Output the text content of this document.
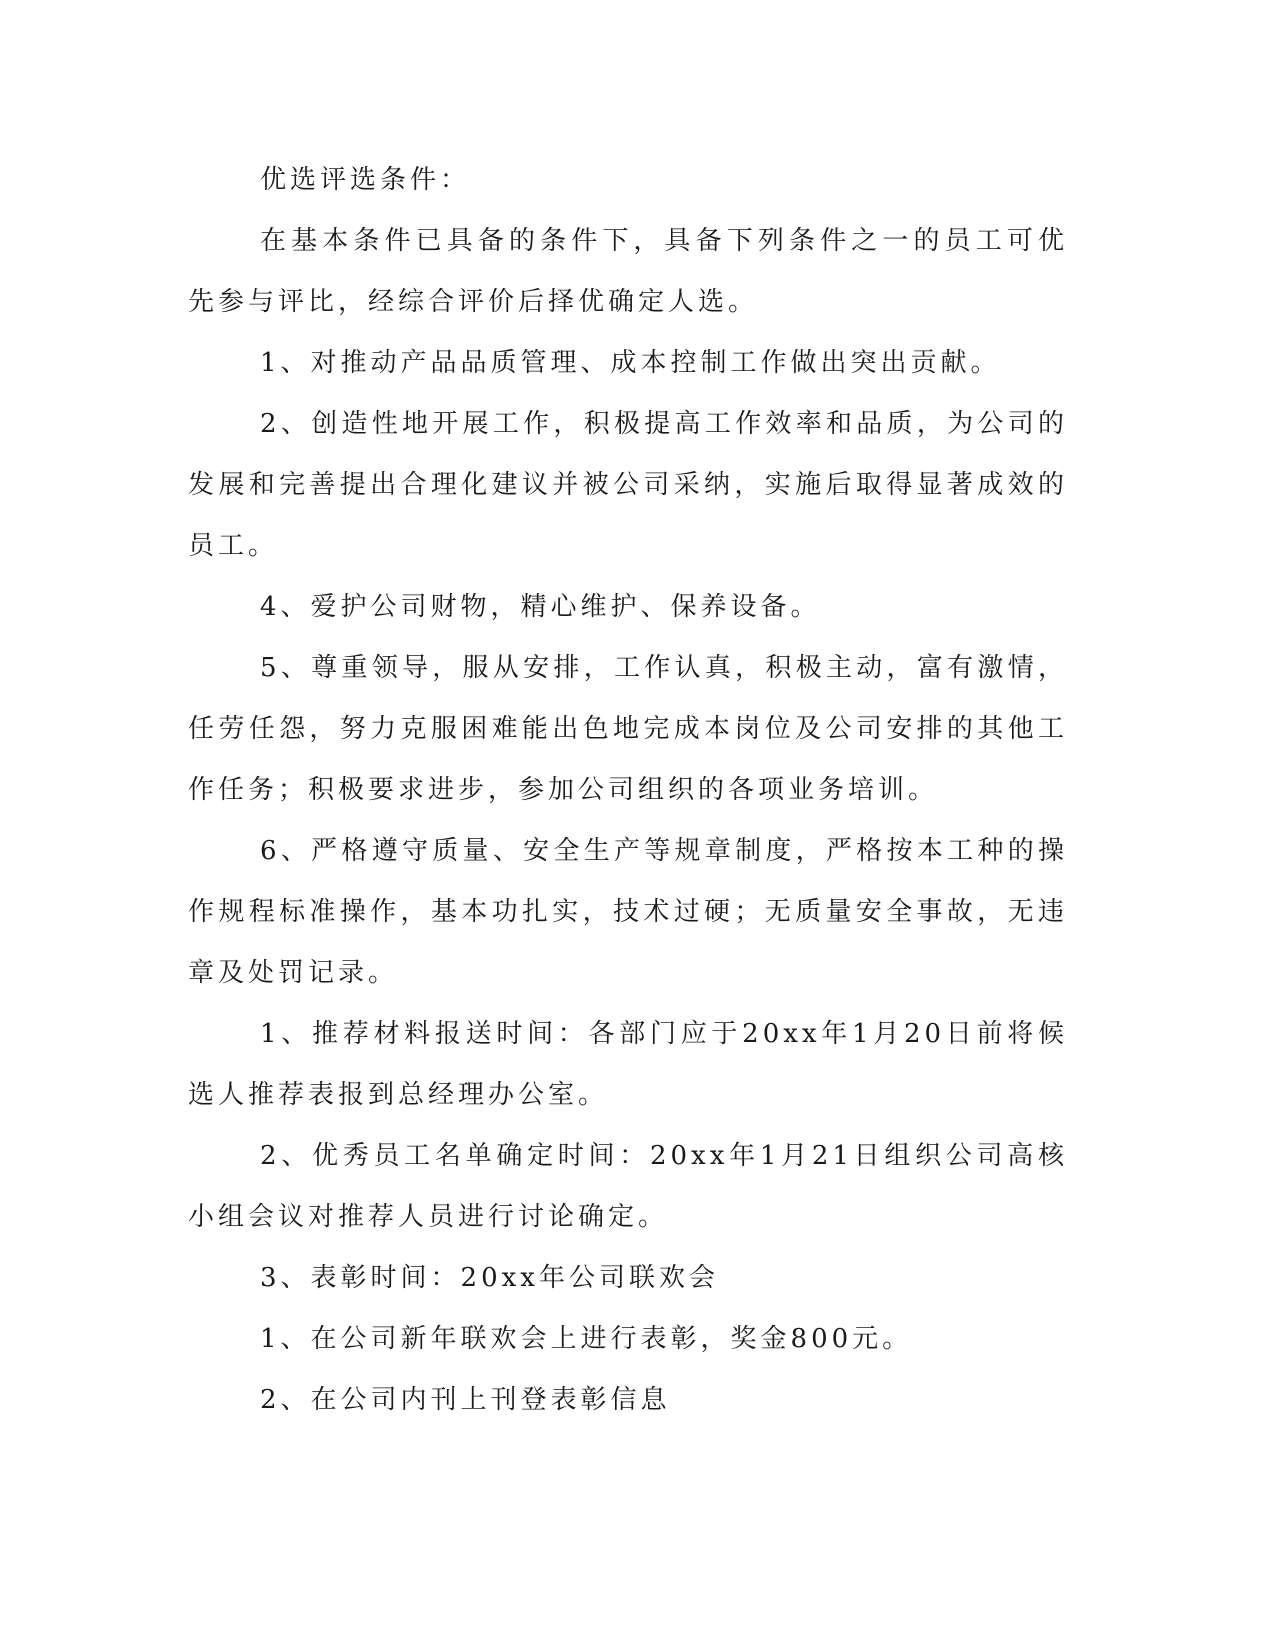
优选评选条件：

在基本条件已具备的条件下，具备下列条件之一的员工可优先参与评比，经综合评价后择优确定人选。

1、对推动产品品质管理、成本控制工作做出突出贡献。

2、创造性地开展工作，积极提高工作效率和品质，为公司的发展和完善提出合理化建议并被公司采纳，实施后取得显著成效的员工。

4、爱护公司财物，精心维护、保养设备。

5、尊重领导，服从安排，工作认真，积极主动，富有激情，任劳任怨，努力克服困难能出色地完成本岗位及公司安排的其他工作任务；积极要求进步，参加公司组织的各项业务培训。

6、严格遵守质量、安全生产等规章制度，严格按本工种的操作规程标准操作，基本功扎实，技术过硬；无质量安全事故，无违章及处罚记录。

1、推荐材料报送时间：各部门应于20xx年1月20日前将候选人推荐表报到总经理办公室。

2、优秀员工名单确定时间：20xx年1月21日组织公司高核小组会议对推荐人员进行讨论确定。

3、表彰时间：20xx年公司联欢会

1、在公司新年联欢会上进行表彰，奖金800元。

2、在公司内刊上刊登表彰信息
